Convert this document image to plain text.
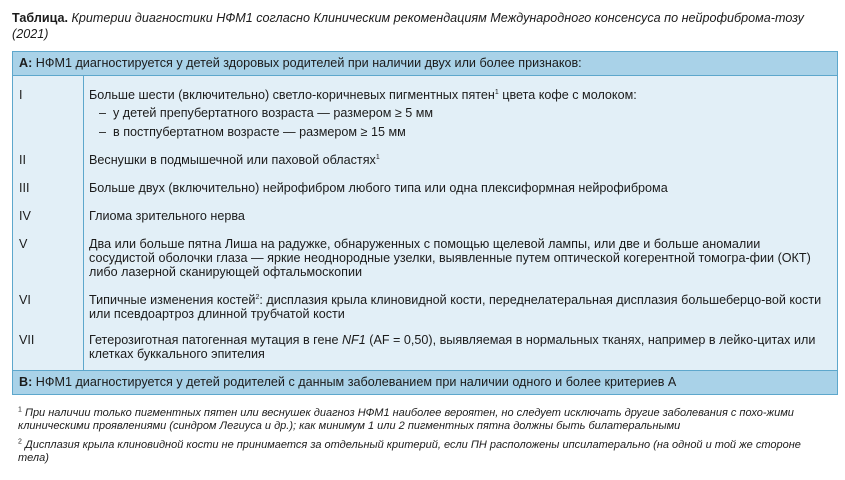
Таблица. Критерии диагностики НФМ1 согласно Клиническим рекомендациям Международного консенсуса по нейрофиброма-тозу (2021)
А: НФМ1 диагностируется у детей здоровых родителей при наличии двух или более признаков:
I	Больше шести (включительно) светло-коричневых пигментных пятен$^1$ цвета кофе с молоком:
– у детей препубертатного возраста — размером ≥ 5 мм
– в постпубертатном возрасте — размером ≥ 15 мм
II	Веснушки в подмышечной или паховой областях$^1$
III	Больше двух (включительно) нейрофибром любого типа или одна плексиформная нейрофиброма
IV	Глиома зрительного нерва
V	Два или больше пятна Лиша на радужке, обнаруженных с помощью щелевой лампы, или две и больше аномалии сосудистой оболочки глаза — яркие неоднородные узелки, выявленные путем оптической когерентной томогра-фии (ОКТ) либо лазерной сканирующей офтальмоскопии
VI	Типичные изменения костей$^2$: дисплазия крыла клиновидной кости, переднелатеральная дисплазия большеберцо-вой кости или псевдоартроз длинной трубчатой кости
VII	Гетерозиготная патогенная мутация в гене NF1 (AF = 0,50), выявляемая в нормальных тканях, например в лейко-цитах или клетках буккального эпителия
В: НФМ1 диагностируется у детей родителей с данным заболеванием при наличии одного и более критериев А
$^1$ При наличии только пигментных пятен или веснушек диагноз НФМ1 наиболее вероятен, но следует исключать другие заболевания с похо-жими клиническими проявлениями (синдром Легиуса и др.); как минимум 1 или 2 пигментных пятна должны быть билатеральными
$^2$ Дисплазия крыла клиновидной кости не принимается за отдельный критерий, если ПН расположены ипсилатерально (на одной и той же стороне тела)
